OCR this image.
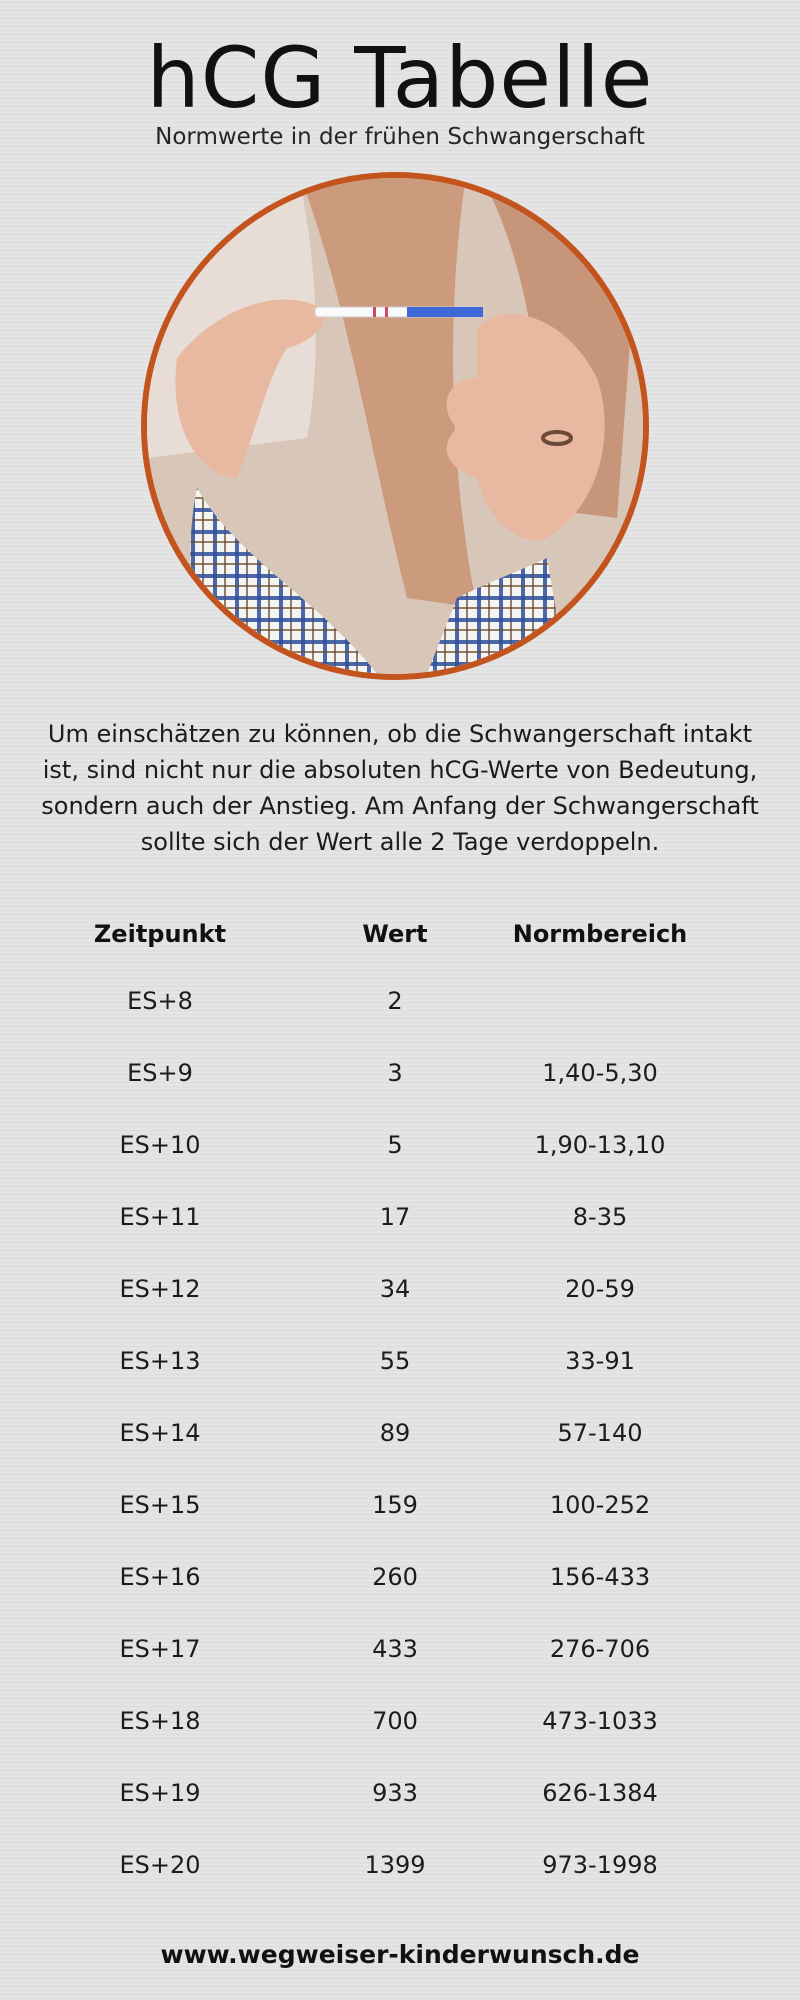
hCG Tabelle
Normwerte in der frühen Schwangerschaft
Um einschätzen zu können, ob die Schwangerschaft intakt
ist, sind nicht nur die absoluten hCG-Werte von Bedeutung,
sondern auch der Anstieg. Am Anfang der Schwangerschaft
sollte sich der Wert alle 2 Tage verdoppeln.
Zeitpunkt	Wert	Normbereich
ES+8	2
ES+9	3	1,40-5,30
ES+10	5	1,90-13,10
ES+11	17	8-35
ES+12	34	20-59
ES+13	55	33-91
ES+14	89	57-140
ES+15	159	100-252
ES+16	260	156-433
ES+17	433	276-706
ES+18	700	473-1033
ES+19	933	626-1384
ES+20	1399	973-1998
www.wegweiser-kinderwunsch.de
